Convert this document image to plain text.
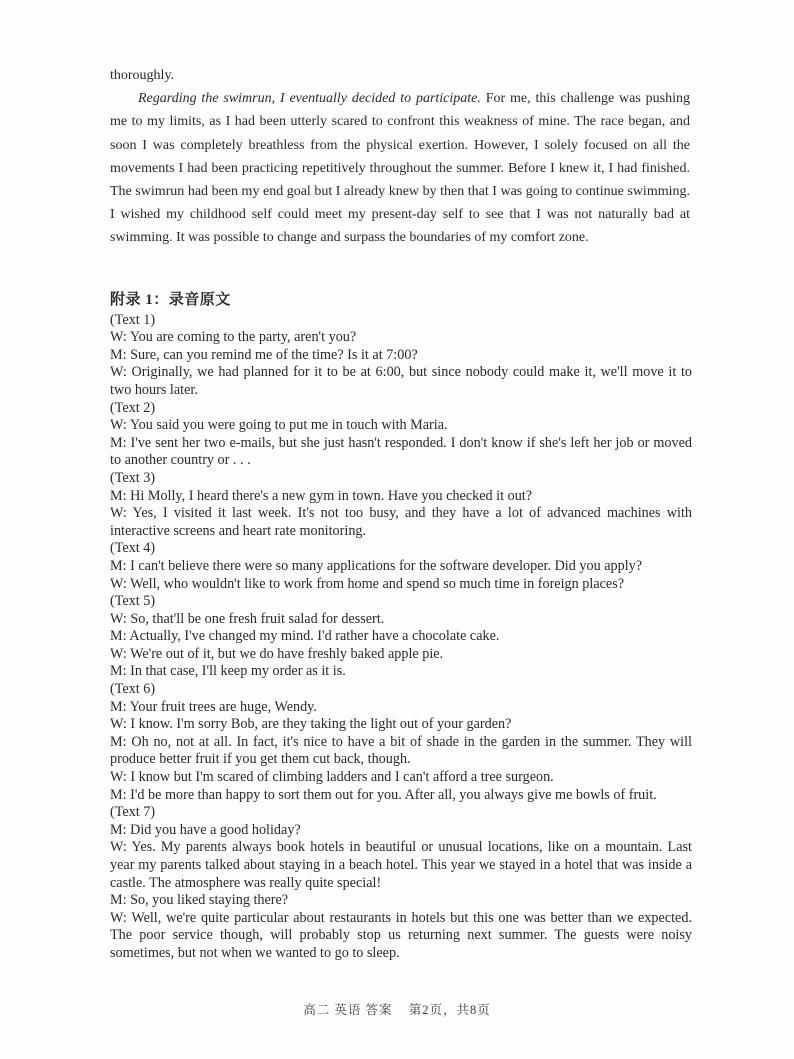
thoroughly.

Regarding the swimrun, I eventually decided to participate. For me, this challenge was pushing me to my limits, as I had been utterly scared to confront this weakness of mine. The race began, and soon I was completely breathless from the physical exertion. However, I solely focused on all the movements I had been practicing repetitively throughout the summer. Before I knew it, I had finished. The swimrun had been my end goal but I already knew by then that I was going to continue swimming. I wished my childhood self could meet my present-day self to see that I was not naturally bad at swimming. It was possible to change and surpass the boundaries of my comfort zone.

附录 1：录音原文
(Text 1)
W: You are coming to the party, aren't you?
M: Sure, can you remind me of the time? Is it at 7:00?
W: Originally, we had planned for it to be at 6:00, but since nobody could make it, we'll move it to two hours later.
(Text 2)
W: You said you were going to put me in touch with Maria.
M: I've sent her two e-mails, but she just hasn't responded. I don't know if she's left her job or moved to another country or . . .
(Text 3)
M: Hi Molly, I heard there's a new gym in town. Have you checked it out?
W: Yes, I visited it last week. It's not too busy, and they have a lot of advanced machines with interactive screens and heart rate monitoring.
(Text 4)
M: I can't believe there were so many applications for the software developer. Did you apply?
W: Well, who wouldn't like to work from home and spend so much time in foreign places?
(Text 5)
W: So, that'll be one fresh fruit salad for dessert.
M: Actually, I've changed my mind. I'd rather have a chocolate cake.
W: We're out of it, but we do have freshly baked apple pie.
M: In that case, I'll keep my order as it is.
(Text 6)
M: Your fruit trees are huge, Wendy.
W: I know. I'm sorry Bob, are they taking the light out of your garden?
M: Oh no, not at all. In fact, it's nice to have a bit of shade in the garden in the summer. They will produce better fruit if you get them cut back, though.
W: I know but I'm scared of climbing ladders and I can't afford a tree surgeon.
M: I'd be more than happy to sort them out for you. After all, you always give me bowls of fruit.
(Text 7)
M: Did you have a good holiday?
W: Yes. My parents always book hotels in beautiful or unusual locations, like on a mountain. Last year my parents talked about staying in a beach hotel. This year we stayed in a hotel that was inside a castle. The atmosphere was really quite special!
M: So, you liked staying there?
W: Well, we're quite particular about restaurants in hotels but this one was better than we expected. The poor service though, will probably stop us returning next summer. The guests were noisy sometimes, but not when we wanted to go to sleep.
高二 英语 答案 第2页，共8页
